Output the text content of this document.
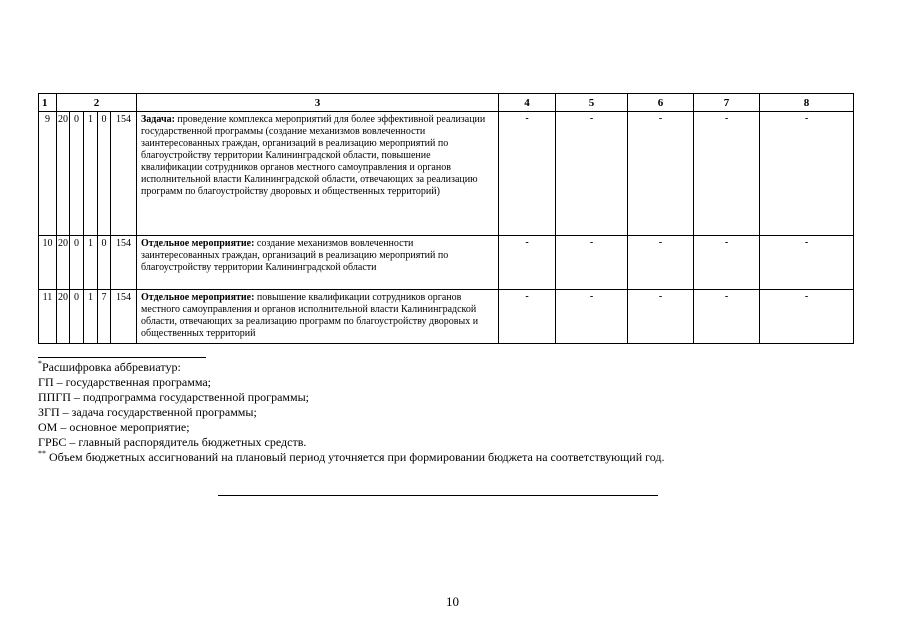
1	2					3	4	5	6	7	8
9	20	0	1	0	154	Задача: проведение комплекса мероприятий для более эффективной реализации государственной программы (создание механизмов вовлеченности заинтересованных граждан, организаций в реализацию мероприятий по благоустройству территории Калининградской области, повышение квалификации сотрудников органов местного самоуправления и органов исполнительной власти Калининградской области, отвечающих за реализацию программ по благоустройству дворовых и общественных территорий)	-	-	-	-	-
10	20	0	1	0	154	Отдельное мероприятие: создание механизмов вовлеченности заинтересованных граждан, организаций в реализацию мероприятий по благоустройству территории Калининградской области	-	-	-	-	-
11	20	0	1	7	154	Отдельное мероприятие: повышение квалификации сотрудников органов местного самоуправления и органов исполнительной власти Калининградской области, отвечающих за реализацию программ по благоустройству дворовых и общественных территорий	-	-	-	-	-
*Расшифровка аббревиатур:
ГП – государственная программа;
ППГП – подпрограмма государственной программы;
ЗГП – задача государственной программы;
ОМ – основное мероприятие;
ГРБС – главный распорядитель бюджетных средств.
** Объем бюджетных ассигнований на плановый период уточняется при формировании бюджета на соответствующий год.
10
